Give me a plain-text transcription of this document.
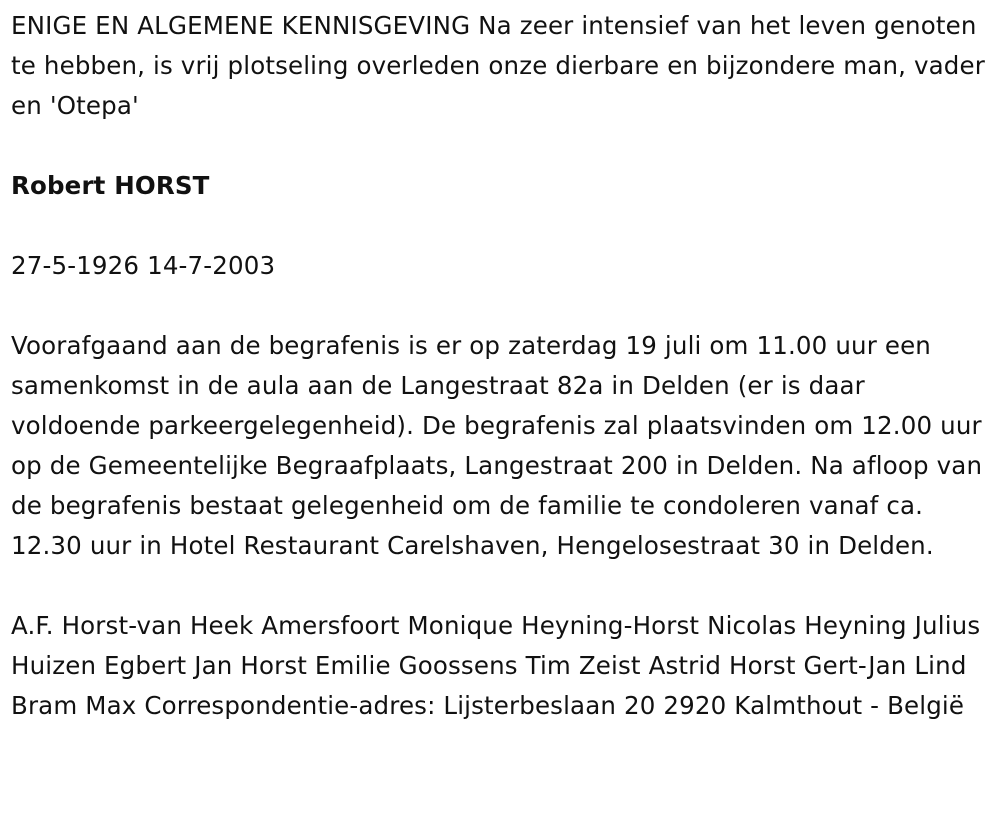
ENIGE EN ALGEMENE KENNISGEVING Na zeer intensief van het leven genoten te hebben, is vrij plotseling overleden onze dierbare en bijzondere man, vader en 'Otepa'

Robert HORST

27-5-1926 14-7-2003

Voorafgaand aan de begrafenis is er op zaterdag 19 juli om 11.00 uur een samenkomst in de aula aan de Langestraat 82a in Delden (er is daar voldoende parkeergelegenheid). De begrafenis zal plaatsvinden om 12.00 uur op de Gemeentelijke Begraafplaats, Langestraat 200 in Delden. Na afloop van de begrafenis bestaat gelegenheid om de familie te condoleren vanaf ca. 12.30 uur in Hotel Restaurant Carelshaven, Hengelosestraat 30 in Delden.

A.F. Horst-van Heek Amersfoort Monique Heyning-Horst Nicolas Heyning Julius Huizen Egbert Jan Horst Emilie Goossens Tim Zeist Astrid Horst Gert-Jan Lind Bram Max Correspondentie-adres: Lijsterbeslaan 20 2920 Kalmthout - België
